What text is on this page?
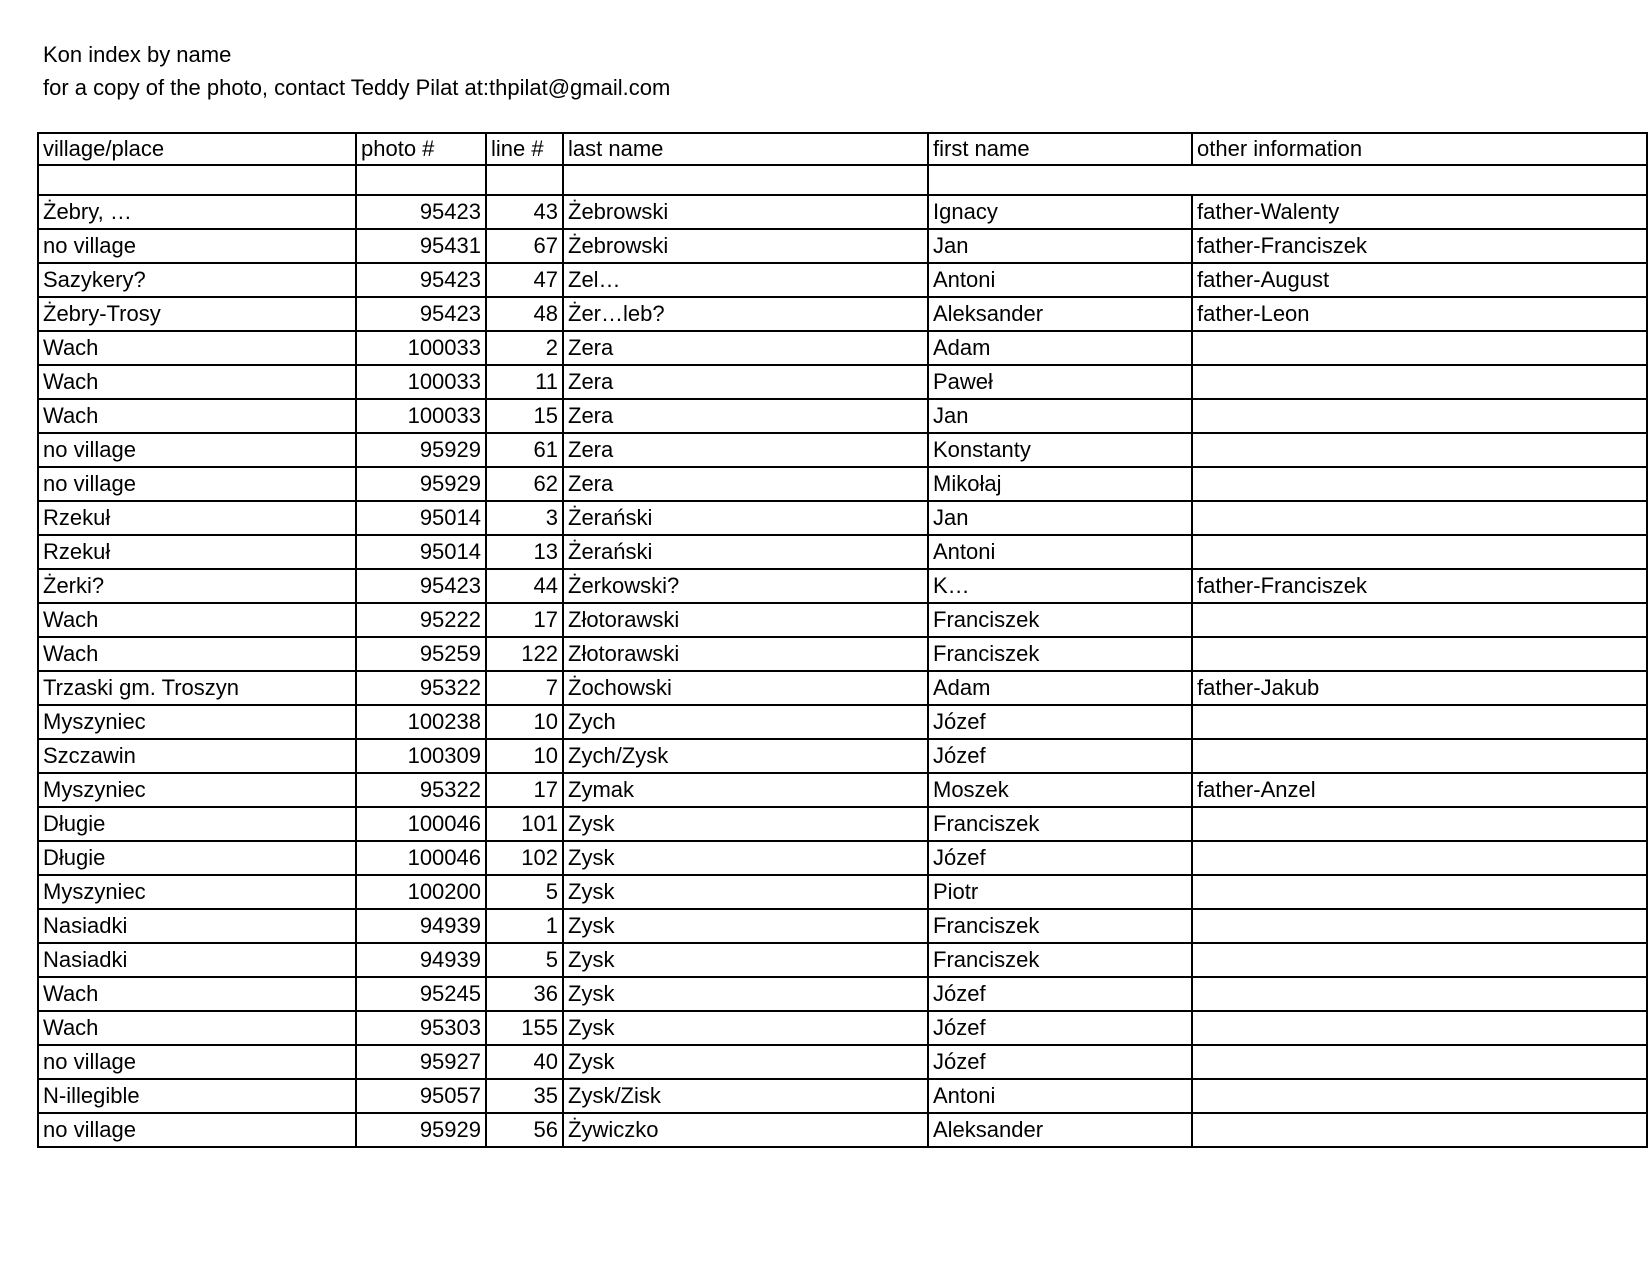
Kon index by name
for a copy of the photo, contact Teddy Pilat at:thpilat@gmail.com
village/place	photo #	line #	last name	first name	other information

Żebry, …	95423	43	Żebrowski	Ignacy	father-Walenty
no village	95431	67	Żebrowski	Jan	father-Franciszek
Sazykery?	95423	47	Zel…	Antoni	father-August
Żebry-Trosy	95423	48	Żer…leb?	Aleksander	father-Leon
Wach	100033	2	Zera	Adam	
Wach	100033	11	Zera	Paweł	
Wach	100033	15	Zera	Jan	
no village	95929	61	Zera	Konstanty	
no village	95929	62	Zera	Mikołaj	
Rzekuł	95014	3	Żerański	Jan	
Rzekuł	95014	13	Żerański	Antoni	
Żerki?	95423	44	Żerkowski?	K…	father-Franciszek
Wach	95222	17	Złotorawski	Franciszek	
Wach	95259	122	Złotorawski	Franciszek	
Trzaski gm. Troszyn	95322	7	Żochowski	Adam	father-Jakub
Myszyniec	100238	10	Zych	Józef	
Szczawin	100309	10	Zych/Zysk	Józef	
Myszyniec	95322	17	Zymak	Moszek	father-Anzel
Długie	100046	101	Zysk	Franciszek	
Długie	100046	102	Zysk	Józef	
Myszyniec	100200	5	Zysk	Piotr	
Nasiadki	94939	1	Zysk	Franciszek	
Nasiadki	94939	5	Zysk	Franciszek	
Wach	95245	36	Zysk	Józef	
Wach	95303	155	Zysk	Józef	
no village	95927	40	Zysk	Józef	
N-illegible	95057	35	Zysk/Zisk	Antoni	
no village	95929	56	Żywiczko	Aleksander	
